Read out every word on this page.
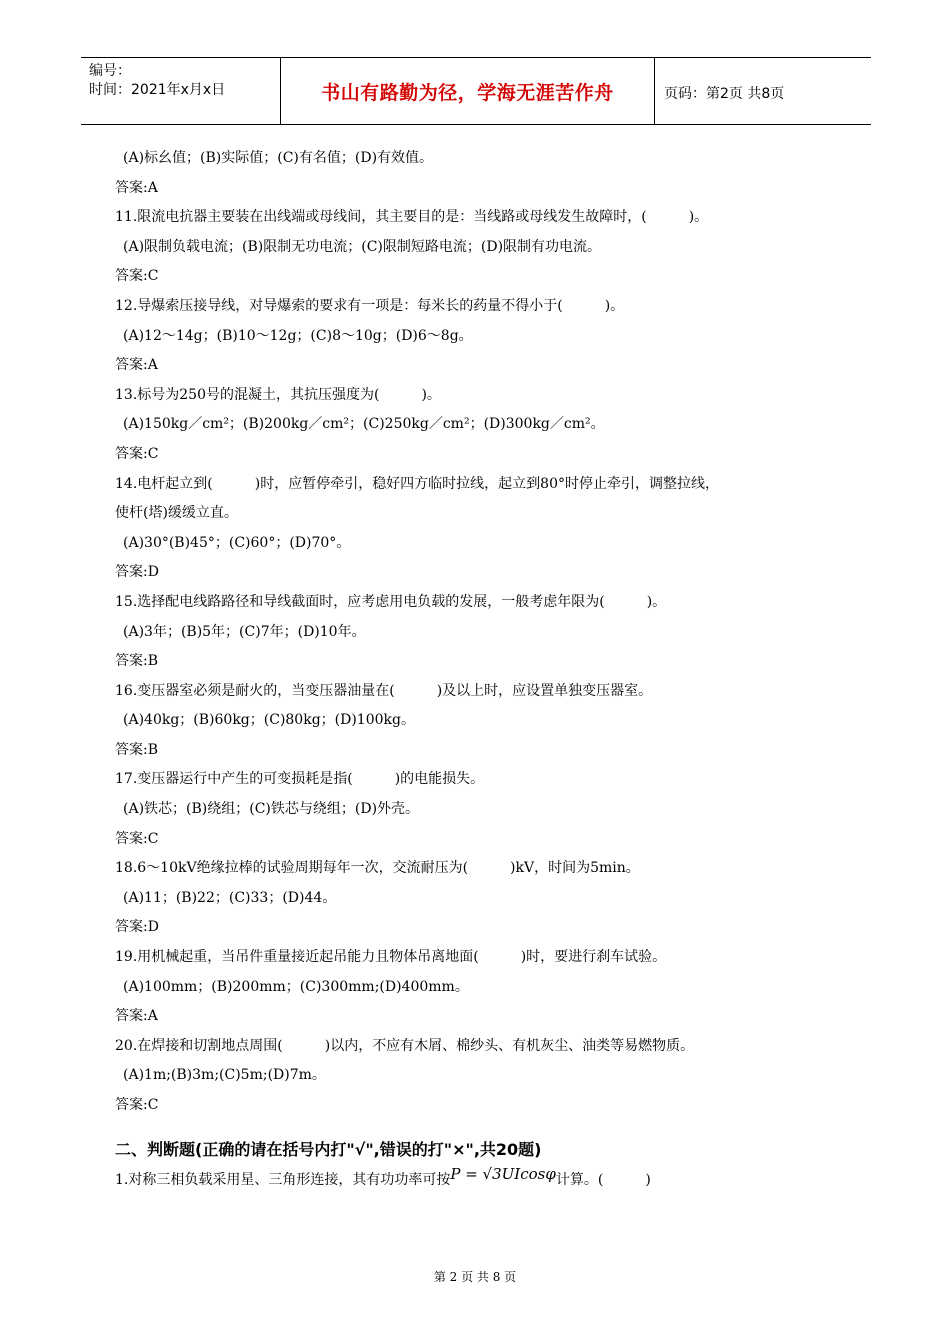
编号：
时间：2021年x月x日	书山有路勤为径，学海无涯苦作舟	页码：第2页 共8页
(A)标幺值；(B)实际值；(C)有名值；(D)有效值。
答案:A
11.限流电抗器主要装在出线端或母线间，其主要目的是：当线路或母线发生故障时，(　　　)。
(A)限制负载电流；(B)限制无功电流；(C)限制短路电流；(D)限制有功电流。
答案:C
12.导爆索压接导线，对导爆索的要求有一项是：每米长的药量不得小于(　　　)。
(A)12～14g；(B)10～12g；(C)8～10g；(D)6～8g。
答案:A
13.标号为250号的混凝土，其抗压强度为(　　　)。
(A)150kg／cm²；(B)200kg／cm²；(C)250kg／cm²；(D)300kg／cm²。
答案:C
14.电杆起立到(　　　)时，应暂停牵引，稳好四方临时拉线，起立到80°时停止牵引，调整拉线，
使杆(塔)缓缓立直。
(A)30°(B)45°；(C)60°；(D)70°。
答案:D
15.选择配电线路路径和导线截面时，应考虑用电负载的发展，一般考虑年限为(　　　)。
(A)3年；(B)5年；(C)7年；(D)10年。
答案:B
16.变压器室必须是耐火的，当变压器油量在(　　　)及以上时，应设置单独变压器室。
(A)40kg；(B)60kg；(C)80kg；(D)100kg。
答案:B
17.变压器运行中产生的可变损耗是指(　　　)的电能损失。
(A)铁芯；(B)绕组；(C)铁芯与绕组；(D)外壳。
答案:C
18.6～10kV绝缘拉棒的试验周期每年一次，交流耐压为(　　　)kV，时间为5min。
(A)11；(B)22；(C)33；(D)44。
答案:D
19.用机械起重，当吊件重量接近起吊能力且物体吊离地面(　　　)时，要进行刹车试验。
(A)100mm；(B)200mm；(C)300mm;(D)400mm。
答案:A
20.在焊接和切割地点周围(　　　)以内，不应有木屑、棉纱头、有机灰尘、油类等易燃物质。
(A)1m;(B)3m;(C)5m;(D)7m。
答案:C
二、判断题(正确的请在括号内打"√",错误的打"×",共20题)
1.对称三相负载采用星、三角形连接，其有功功率可按P = √3UIcosφ计算。(　　　)
第 2 页 共 8 页
